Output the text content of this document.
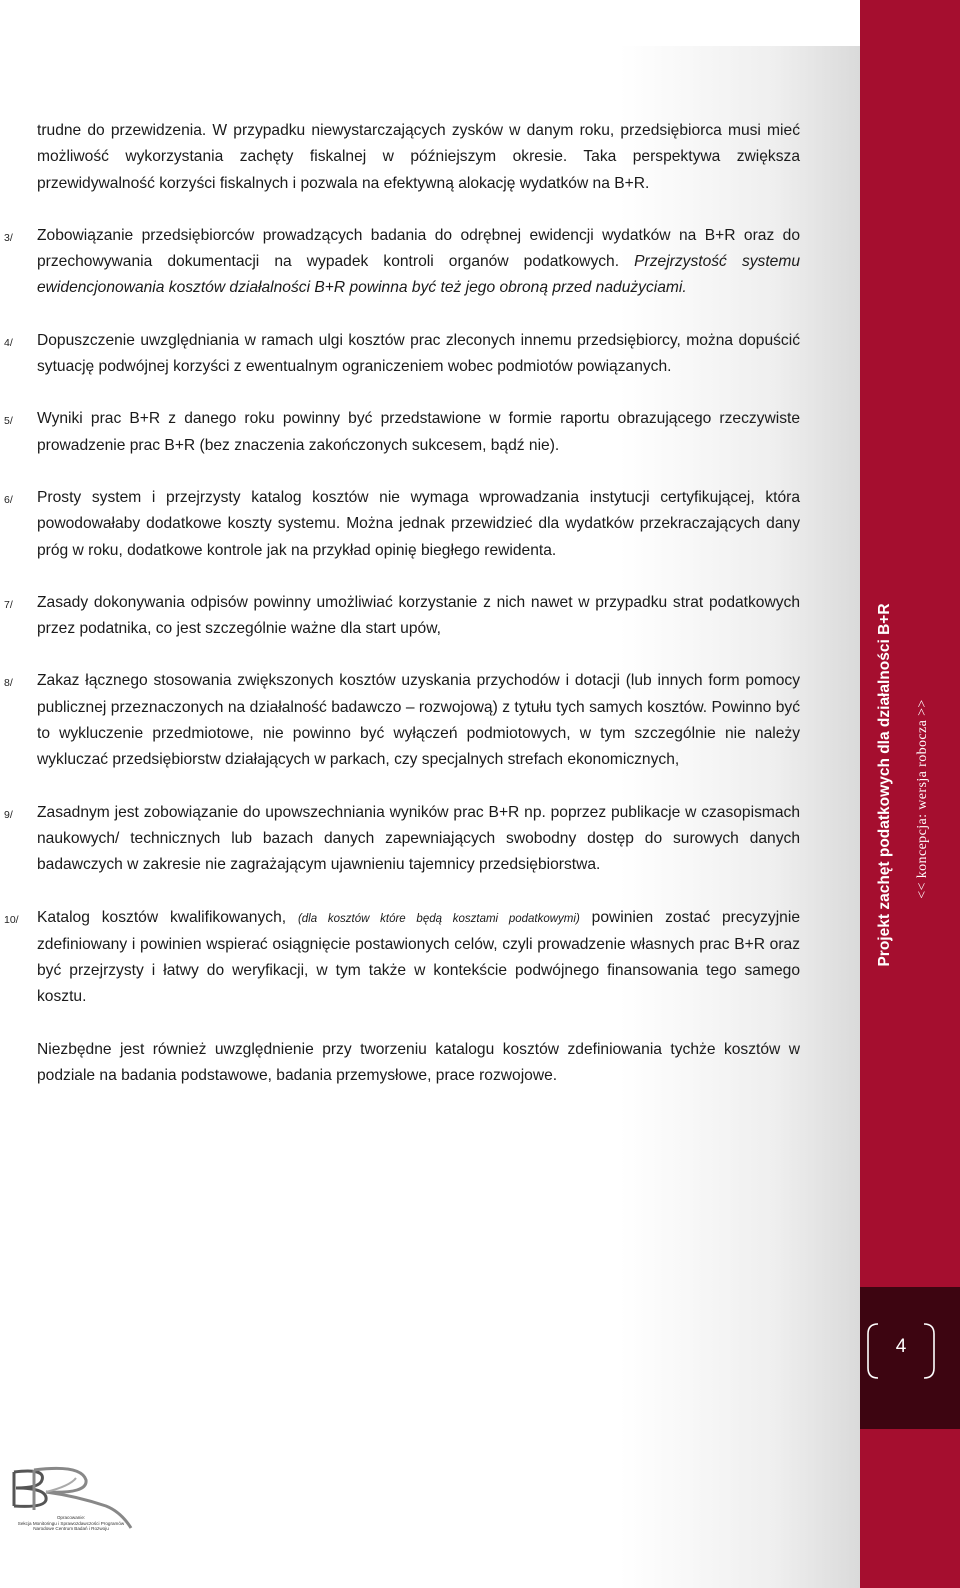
trudne do przewidzenia. W przypadku niewystarczających zysków w danym roku, przedsiębiorca musi mieć możliwość wykorzystania zachęty fiskalnej w późniejszym okresie. Taka perspektywa zwiększa przewidywalność korzyści fiskalnych i pozwala na efektywną alokację wydatków na B+R.

3/ Zobowiązanie przedsiębiorców prowadzących badania do odrębnej ewidencji wydatków na B+R oraz do przechowywania dokumentacji na wypadek kontroli organów podatkowych. Przejrzystość systemu ewidencjonowania kosztów działalności B+R powinna być też jego obroną przed nadużyciami.

4/ Dopuszczenie uwzględniania w ramach ulgi kosztów prac zleconych innemu przedsiębiorcy, można dopuścić sytuację podwójnej korzyści z ewentualnym ograniczeniem wobec podmiotów powiązanych.

5/ Wyniki prac B+R z danego roku powinny być przedstawione w formie raportu obrazującego rzeczywiste prowadzenie prac B+R (bez znaczenia zakończonych sukcesem, bądź nie).

6/ Prosty system i przejrzysty katalog kosztów nie wymaga wprowadzania instytucji certyfikującej, która powodowałaby dodatkowe koszty systemu. Można jednak przewidzieć dla wydatków przekraczających dany próg w roku, dodatkowe kontrole jak na przykład opinię biegłego rewidenta.

7/ Zasady dokonywania odpisów powinny umożliwiać korzystanie z nich nawet w przypadku strat podatkowych przez podatnika, co jest szczególnie ważne dla start upów,

8/ Zakaz łącznego stosowania zwiększonych kosztów uzyskania przychodów i dotacji (lub innych form pomocy publicznej przeznaczonych na działalność badawczo – rozwojową) z tytułu tych samych kosztów. Powinno być to wykluczenie przedmiotowe, nie powinno być wyłączeń podmiotowych, w tym szczególnie nie należy wykluczać przedsiębiorstw działających w parkach, czy specjalnych strefach ekonomicznych,

9/ Zasadnym jest zobowiązanie do upowszechniania wyników prac B+R np. poprzez publikacje w czasopismach naukowych/ technicznych lub bazach danych zapewniających swobodny dostęp do surowych danych badawczych w zakresie nie zagrażającym ujawnieniu tajemnicy przedsiębiorstwa.

10/ Katalog kosztów kwalifikowanych, (dla kosztów które będą kosztami podatkowymi) powinien zostać precyzyjnie zdefiniowany i powinien wspierać osiągnięcie postawionych celów, czyli prowadzenie własnych prac B+R oraz być przejrzysty i łatwy do weryfikacji, w tym także w kontekście podwójnego finansowania tego samego kosztu.

Niezbędne jest również uwzględnienie przy tworzeniu katalogu kosztów zdefiniowania tychże kosztów w podziale na badania podstawowe, badania przemysłowe, prace rozwojowe.

Projekt zachęt podatkowych dla działalności B+R << koncepcja: wersja robocza >>
4
Opracowanie:
Sekcja Monitoringu i Sprawozdawczości Programów
Narodowe Centrum Badań i Rozwoju
